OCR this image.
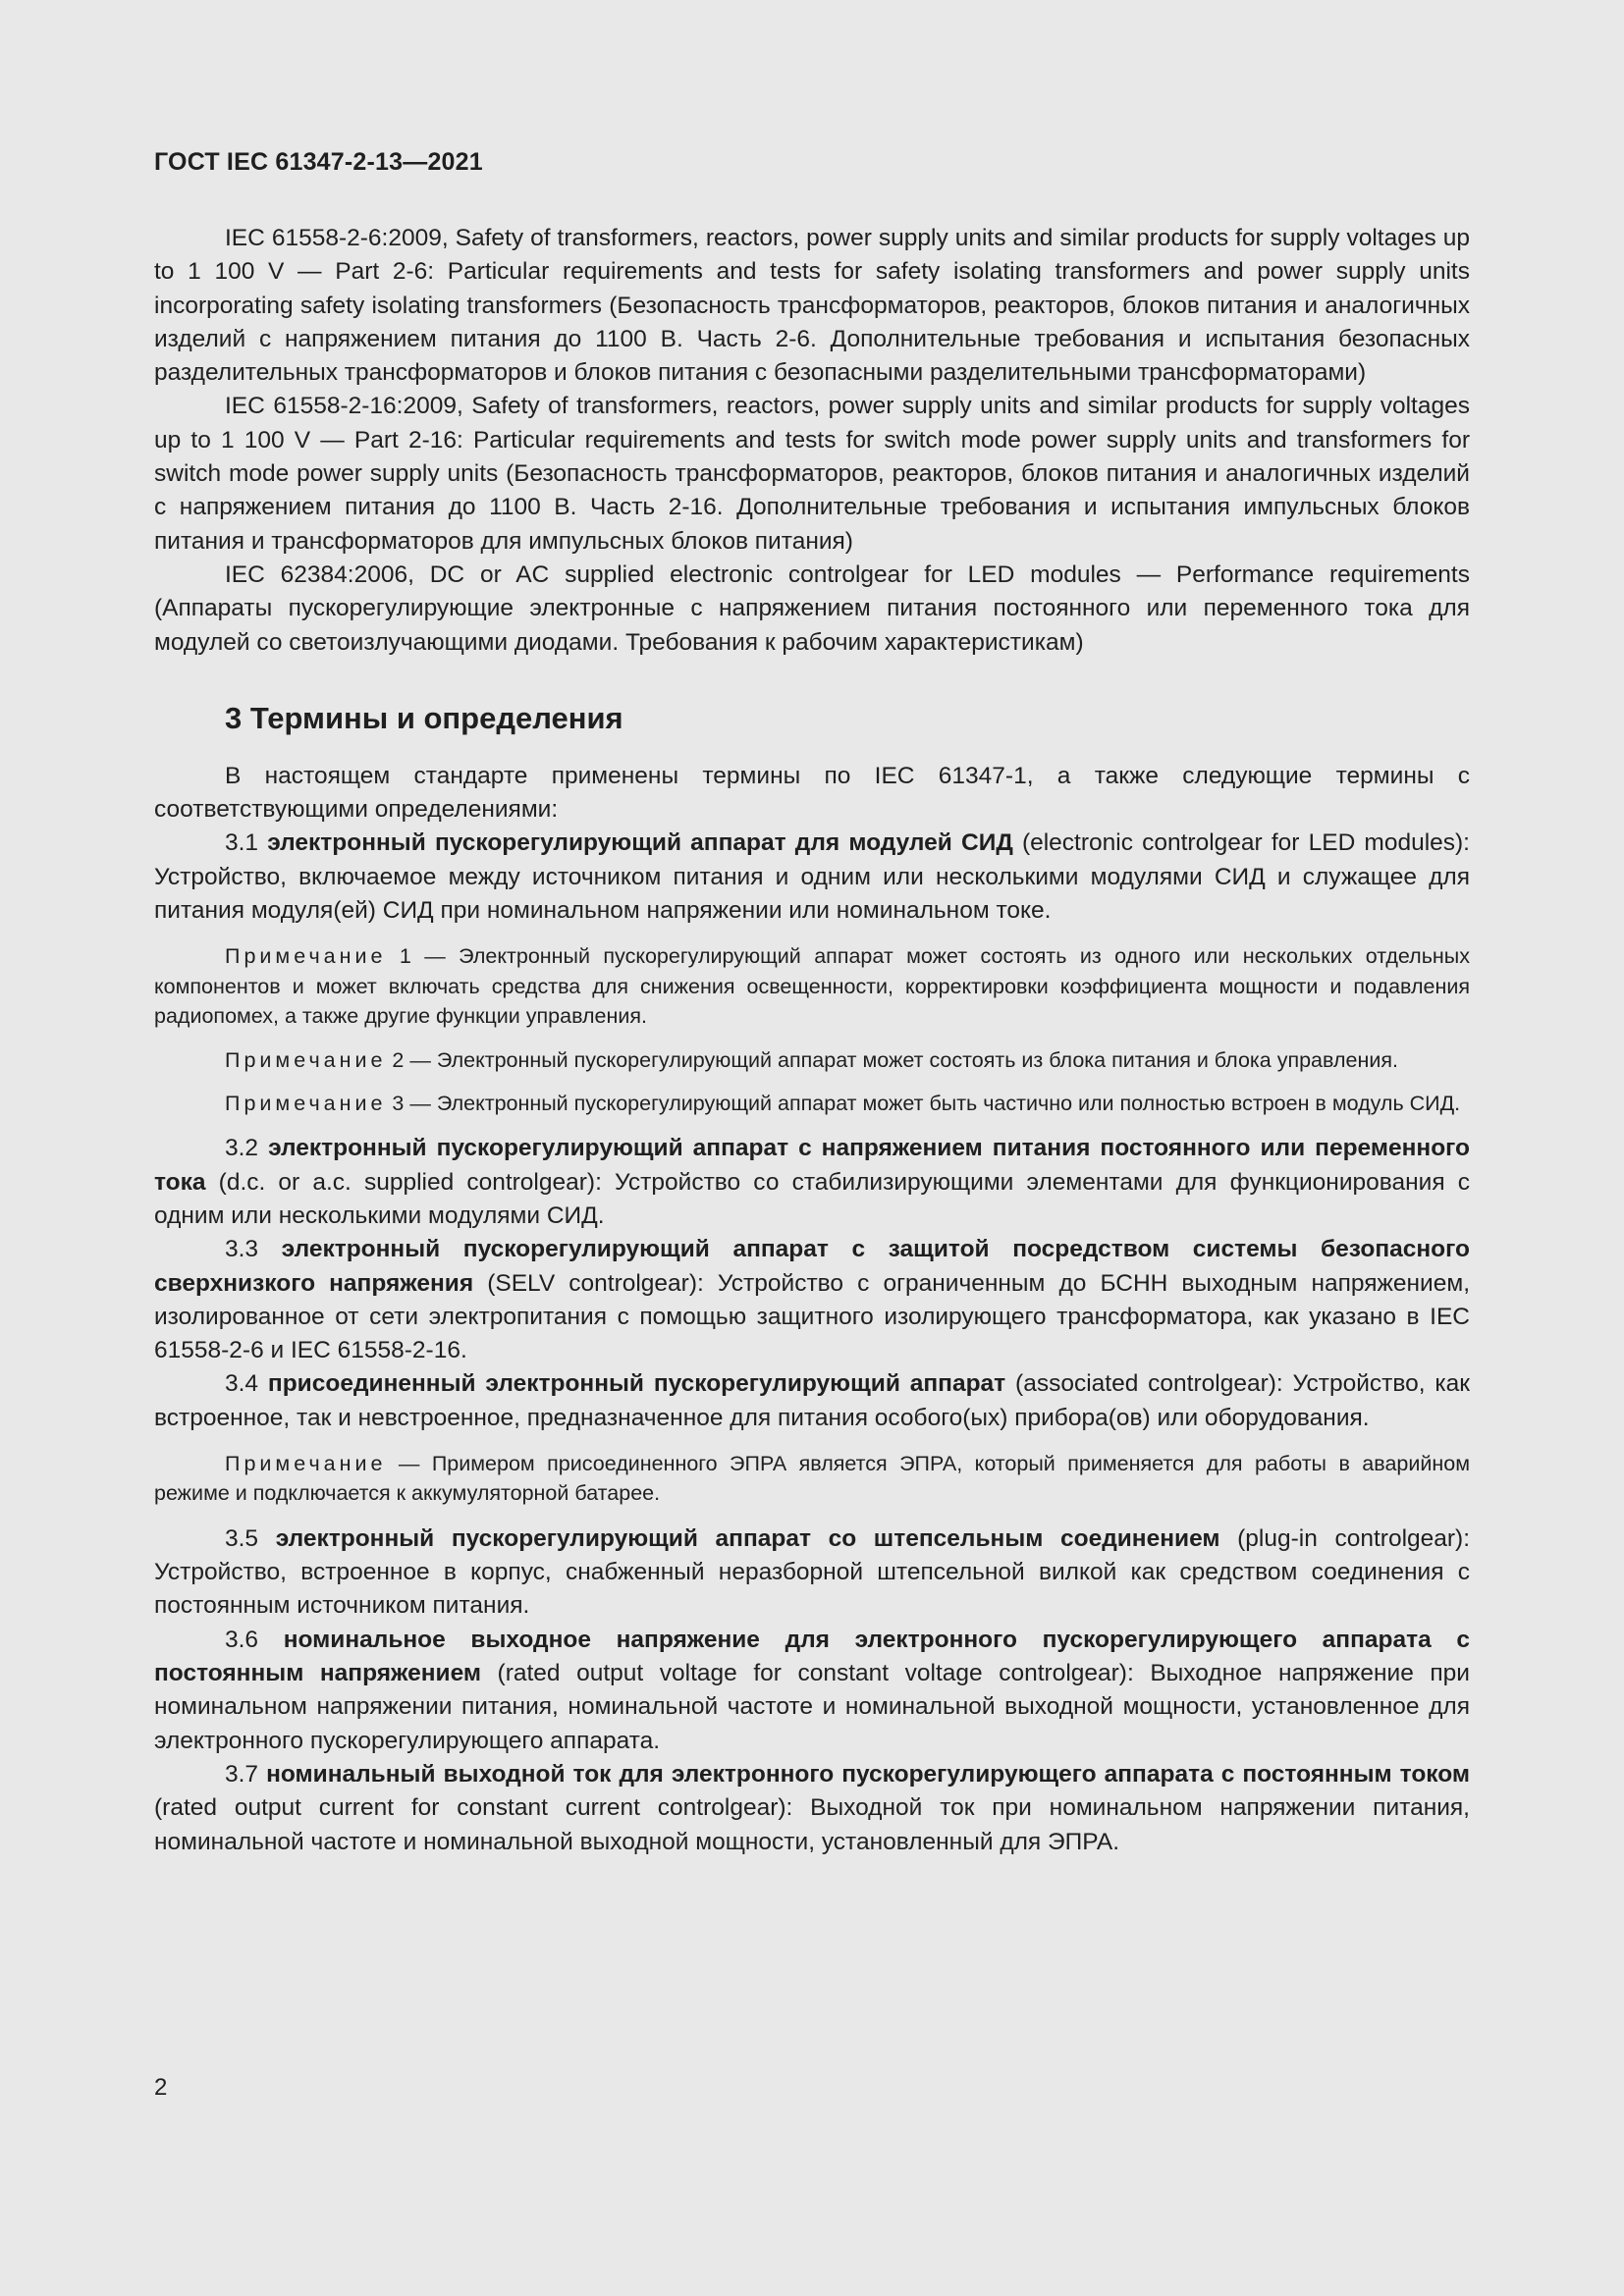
ГОСТ IEC 61347-2-13—2021

IEC 61558-2-6:2009, Safety of transformers, reactors, power supply units and similar products for supply voltages up to 1 100 V — Part 2-6: Particular requirements and tests for safety isolating transformers and power supply units incorporating safety isolating transformers (Безопасность трансформаторов, реакторов, блоков питания и аналогичных изделий с напряжением питания до 1100 В. Часть 2-6. Дополнительные требования и испытания безопасных разделительных трансформаторов и блоков питания с безопасными разделительными трансформаторами)

IEC 61558-2-16:2009, Safety of transformers, reactors, power supply units and similar products for supply voltages up to 1 100 V — Part 2-16: Particular requirements and tests for switch mode power supply units and transformers for switch mode power supply units (Безопасность трансформаторов, реакторов, блоков питания и аналогичных изделий с напряжением питания до 1100 В. Часть 2-16. Дополнительные требования и испытания импульсных блоков питания и трансформаторов для импульсных блоков питания)

IEC 62384:2006, DC or AC supplied electronic controlgear for LED modules — Performance requirements (Аппараты пускорегулирующие электронные с напряжением питания постоянного или переменного тока для модулей со светоизлучающими диодами. Требования к рабочим характеристикам)

3 Термины и определения

В настоящем стандарте применены термины по IEC 61347-1, а также следующие термины с соответствующими определениями:

3.1 электронный пускорегулирующий аппарат для модулей СИД (electronic controlgear for LED modules): Устройство, включаемое между источником питания и одним или несколькими модулями СИД и служащее для питания модуля(ей) СИД при номинальном напряжении или номинальном токе.

Примечание 1 — Электронный пускорегулирующий аппарат может состоять из одного или нескольких отдельных компонентов и может включать средства для снижения освещенности, корректировки коэффициента мощности и подавления радиопомех, а также другие функции управления.

Примечание 2 — Электронный пускорегулирующий аппарат может состоять из блока питания и блока управления.

Примечание 3 — Электронный пускорегулирующий аппарат может быть частично или полностью встроен в модуль СИД.

3.2 электронный пускорегулирующий аппарат с напряжением питания постоянного или переменного тока (d.c. or a.c. supplied controlgear): Устройство со стабилизирующими элементами для функционирования с одним или несколькими модулями СИД.

3.3 электронный пускорегулирующий аппарат с защитой посредством системы безопасного сверхнизкого напряжения (SELV controlgear): Устройство с ограниченным до БСНН выходным напряжением, изолированное от сети электропитания с помощью защитного изолирующего трансформатора, как указано в IEC 61558-2-6 и IEC 61558-2-16.

3.4 присоединенный электронный пускорегулирующий аппарат (associated controlgear): Устройство, как встроенное, так и невстроенное, предназначенное для питания особого(ых) прибора(ов) или оборудования.

Примечание — Примером присоединенного ЭПРА является ЭПРА, который применяется для работы в аварийном режиме и подключается к аккумуляторной батарее.

3.5 электронный пускорегулирующий аппарат со штепсельным соединением (plug-in controlgear): Устройство, встроенное в корпус, снабженный неразборной штепсельной вилкой как средством соединения с постоянным источником питания.

3.6 номинальное выходное напряжение для электронного пускорегулирующего аппарата с постоянным напряжением (rated output voltage for constant voltage controlgear): Выходное напряжение при номинальном напряжении питания, номинальной частоте и номинальной выходной мощности, установленное для электронного пускорегулирующего аппарата.

3.7 номинальный выходной ток для электронного пускорегулирующего аппарата с постоянным током (rated output current for constant current controlgear): Выходной ток при номинальном напряжении питания, номинальной частоте и номинальной выходной мощности, установленный для ЭПРА.

2
